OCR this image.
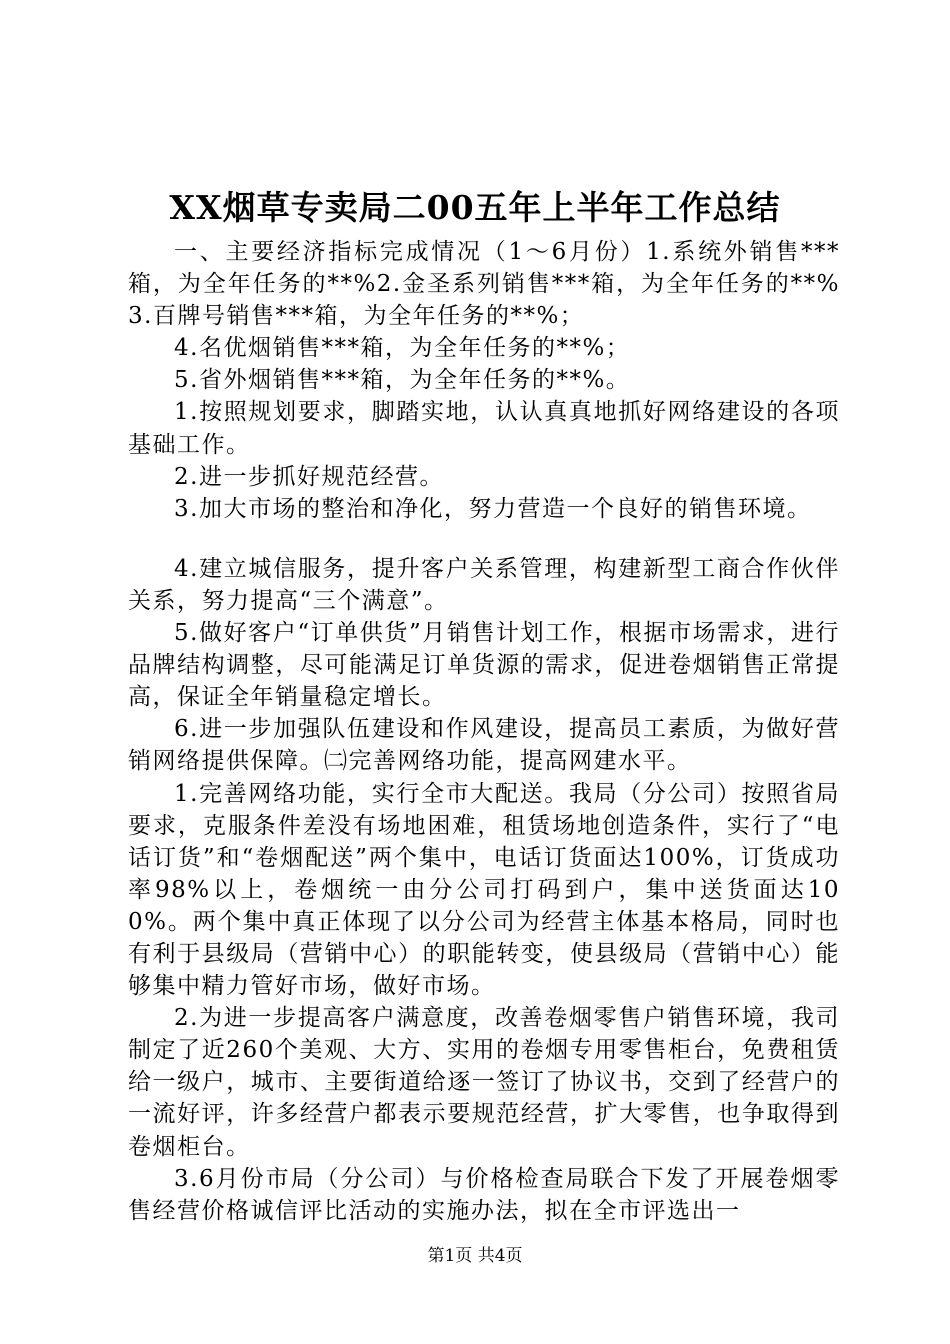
XX烟草专卖局二00五年上半年工作总结

一、主要经济指标完成情况（1～6月份）1.系统外销售***箱，为全年任务的**%2.金圣系列销售***箱，为全年任务的**%3.百牌号销售***箱，为全年任务的**%；

4.名优烟销售***箱，为全年任务的**%；

5.省外烟销售***箱，为全年任务的**%。

1.按照规划要求，脚踏实地，认认真真地抓好网络建设的各项基础工作。

2.进一步抓好规范经营。

3.加大市场的整治和净化，努力营造一个良好的销售环境。

4.建立城信服务，提升客户关系管理，构建新型工商合作伙伴关系，努力提高“三个满意”。

5.做好客户“订单供货”月销售计划工作，根据市场需求，进行品牌结构调整，尽可能满足订单货源的需求，促进卷烟销售正常提高，保证全年销量稳定增长。

6.进一步加强队伍建设和作风建设，提高员工素质，为做好营销网络提供保障。㈡完善网络功能，提高网建水平。

1.完善网络功能，实行全市大配送。我局（分公司）按照省局要求，克服条件差没有场地困难，租赁场地创造条件，实行了“电话订货”和“卷烟配送”两个集中，电话订货面达100%，订货成功率98%以上，卷烟统一由分公司打码到户，集中送货面达100%。两个集中真正体现了以分公司为经营主体基本格局，同时也有利于县级局（营销中心）的职能转变，使县级局（营销中心）能够集中精力管好市场，做好市场。

2.为进一步提高客户满意度，改善卷烟零售户销售环境，我司制定了近260个美观、大方、实用的卷烟专用零售柜台，免费租赁给一级户，城市、主要街道给逐一签订了协议书，交到了经营户的一流好评，许多经营户都表示要规范经营，扩大零售，也争取得到卷烟柜台。

3.6月份市局（分公司）与价格检查局联合下发了开展卷烟零售经营价格诚信评比活动的实施办法，拟在全市评选出一

第1页 共4页
